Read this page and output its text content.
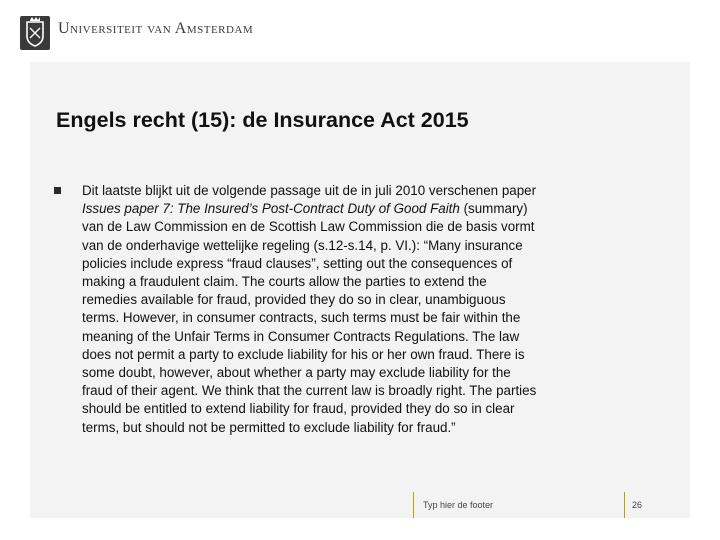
Universiteit van Amsterdam
Engels recht (15): de Insurance Act 2015
Dit laatste blijkt uit de volgende passage uit de in juli 2010 verschenen paper
Issues paper 7: The Insured’s Post-Contract Duty of Good Faith (summary)
van de Law Commission en de Scottish Law Commission die de basis vormt
van de onderhavige wettelijke regeling (s.12-s.14, p. VI.): “Many insurance
policies include express “fraud clauses”, setting out the consequences of
making a fraudulent claim. The courts allow the parties to extend the
remedies available for fraud, provided they do so in clear, unambiguous
terms. However, in consumer contracts, such terms must be fair within the
meaning of the Unfair Terms in Consumer Contracts Regulations. The law
does not permit a party to exclude liability for his or her own fraud. There is
some doubt, however, about whether a party may exclude liability for the
fraud of their agent. We think that the current law is broadly right. The parties
should be entitled to extend liability for fraud, provided they do so in clear
terms, but should not be permitted to exclude liability for fraud.”
Typ hier de footer	26
